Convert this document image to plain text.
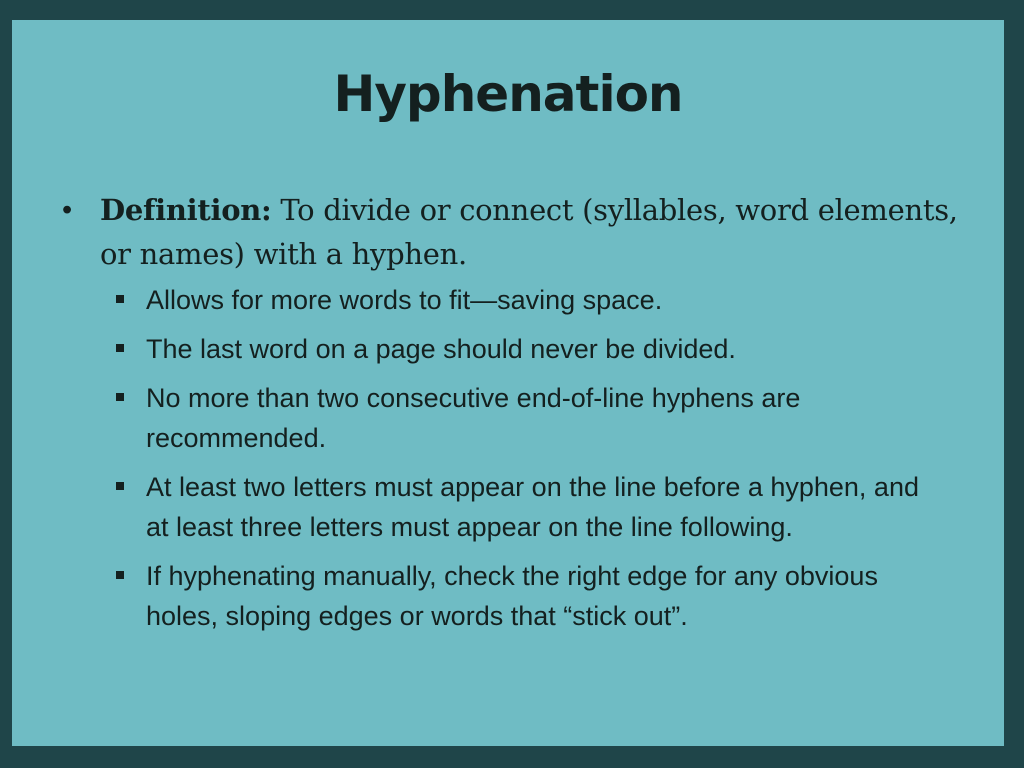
Hyphenation
• Definition: To divide or connect (syllables, word elements, or names) with a hyphen.
Allows for more words to fit—saving space.
The last word on a page should never be divided.
No more than two consecutive end-of-line hyphens are recommended.
At least two letters must appear on the line before a hyphen, and at least three letters must appear on the line following.
If hyphenating manually, check the right edge for any obvious holes, sloping edges or words that “stick out”.
